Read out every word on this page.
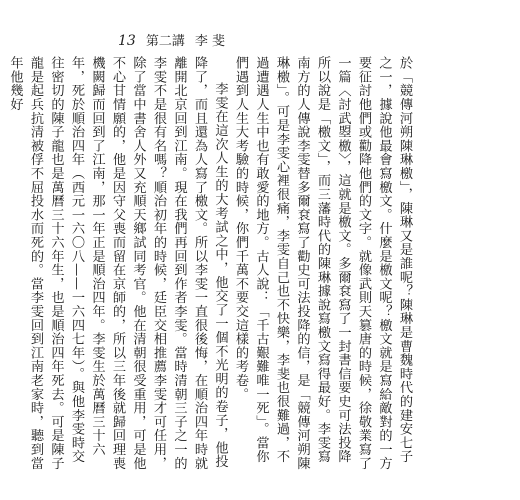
13 第二講 李 斐

於「競傳河朔陳琳檄」，陳琳又是誰呢？陳琳是曹魏時代的建安七子之一，據說他最會寫檄文。什麼是檄文呢？檄文就是寫給敵對的一方要征討他們或勸降他們的文字。就像武則天篡唐的時候，徐敬業寫了一篇〈討武曌檄〉，這就是檄文。多爾袞寫了一封書信要史可法投降所以說是「檄文」，而三藩時代的陳琳據說寫檄文寫得最好。李雯寫南方的人傳說李雯替多爾袞寫了勸史可法投降的信，是「競傳河朔陳琳檄」。可是李雯心裡很痛，李雯自己也不快樂，李斐也很難過，不過遭遇人生中也有敢愛的地方。古人說：「千古艱難唯一死」。當你們遇到人生大考驗的時候，你們千萬不要交這樣的考卷。

李雯在這次人生的大考試之中，他交了一個不光明的卷子，他投降了，而且還為人寫了檄文。所以李雯一直很後悔，在順治四年時就離開北京回到江南。現在我們再回到作者李雯。當時清朝三子之一的李雯不是很有名嗎？順治初年的時候，廷臣交相推薦李雯才可任用，除了當中書舍人外又充順天鄉試同考官。他在清朝很受重用，可是他不心甘情願的，他是因守父喪而留在京師的，所以三年後就歸回理喪機闕歸而回到了江南，那一年正是順治四年。李雯生於萬曆三十六年，死於順治四年（西元一六〇八——一六四七年）。與他李雯時交往密切的陳子龍也是萬曆三十六年生，也是順治四年死去。可是陳子龍是起兵抗清被俘不屈投水而死的。當李雯回到江南老家時，聽到當年他幾好
